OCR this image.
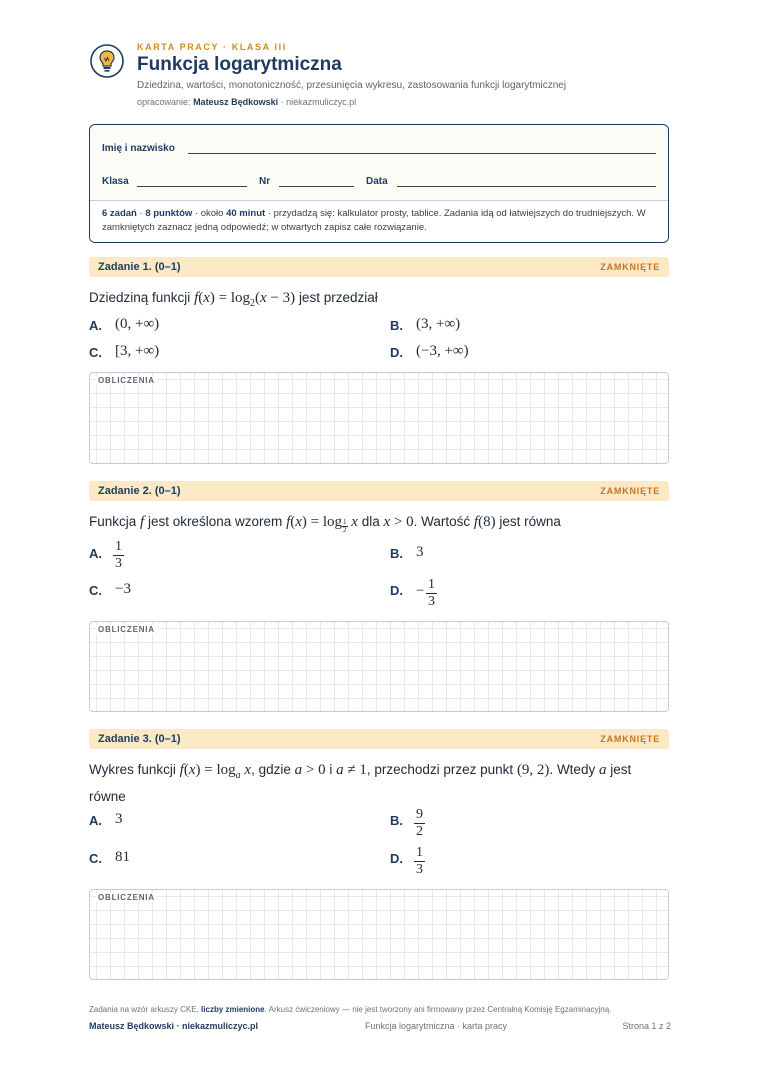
KARTA PRACY · KLASA III
Funkcja logarytmiczna
Dziedzina, wartości, monotoniczność, przesunięcia wykresu, zastosowania funkcji logarytmicznej
opracowanie: Mateusz Będkowski · niekazmuliczyc.pl
Imię i nazwisko
Klasa	Nr	Data
6 zadań · 8 punktów · około 40 minut · przydadzą się: kalkulator prosty, tablice. Zadania idą od łatwiejszych do trudniejszych. W zamkniętych zaznacz jedną odpowiedź; w otwartych zapisz całe rozwiązanie.
Zadanie 1. (0–1)	ZAMKNIĘTE
Dziedziną funkcji $f(x) = \log_2(x - 3)$ jest przedział
A. (0, +∞)	B. (3, +∞)
C. [3, +∞)	D. (−3, +∞)
OBLICZENIA
Zadanie 2. (0–1)	ZAMKNIĘTE
Funkcja f jest określona wzorem $f(x) = \log \frac{1}{2}$ x dla x > 0. Wartość f(8) jest równa
A. $\frac{1}{3}$	B. 3
C. −3	D. − $\frac{1}{3}$
OBLICZENIA
Zadanie 3. (0–1)	ZAMKNIĘTE
Wykres funkcji $f(x) = \log_a x$, gdzie a > 0 i a ≠ 1, przechodzi przez punkt (9, 2). Wtedy a jest równe
A. 3	B. $\frac{9}{2}$
C. 81	D. $\frac{1}{3}$
OBLICZENIA
Zadania na wzór arkuszy CKE, liczby zmienione. Arkusz ćwiczeniowy — nie jest tworzony ani firmowany przez Centralną Komisję Egzaminacyjną.
Mateusz Będkowski · niekazmuliczyc.pl	Funkcja logarytmiczna · karta pracy	Strona 1 z 2
